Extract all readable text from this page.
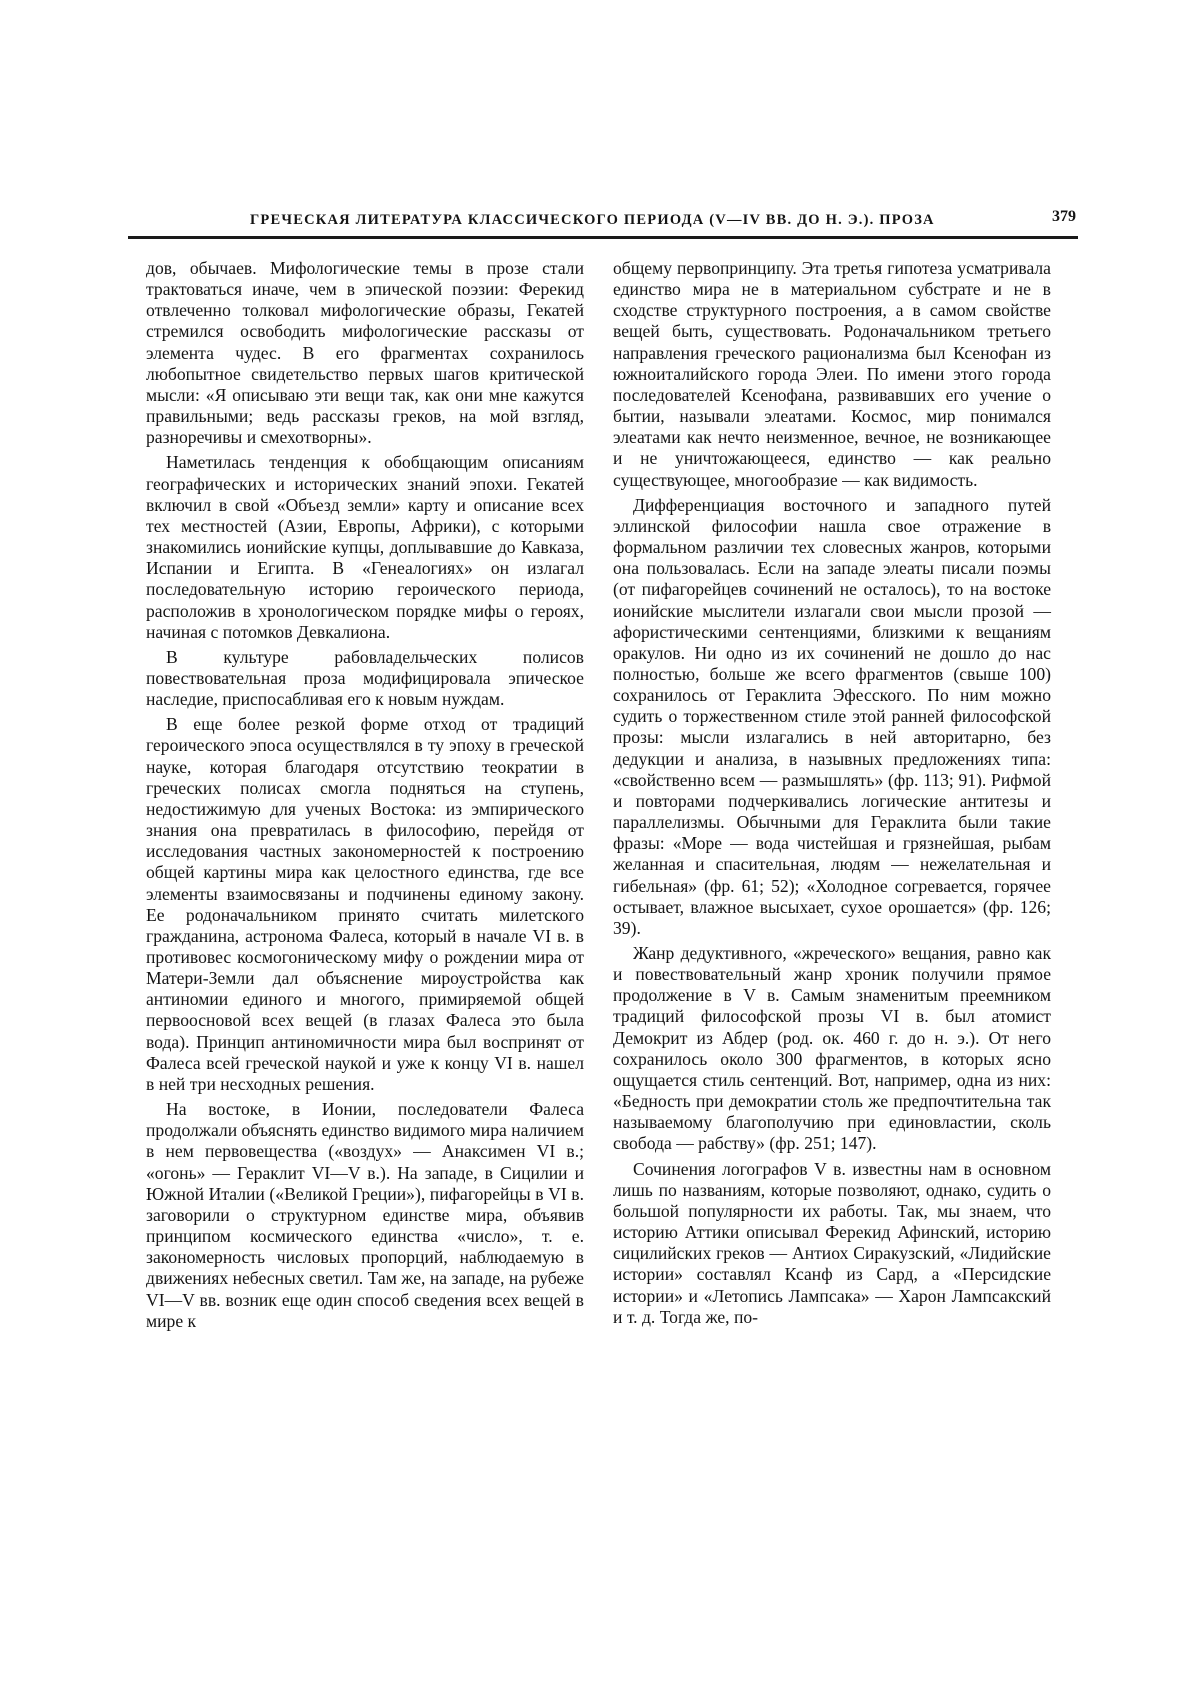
ГРЕЧЕСКАЯ ЛИТЕРАТУРА КЛАССИЧЕСКОГО ПЕРИОДА (V—IV ВВ. ДО Н. Э.). ПРОЗА	379

дов, обычаев. Мифологические темы в прозе стали трактоваться иначе, чем в эпической поэзии: Ферекид отвлеченно толковал мифологические образы, Гекатей стремился освободить мифологические рассказы от элемента чудес. В его фрагментах сохранилось любопытное свидетельство первых шагов критической мысли: «Я описываю эти вещи так, как они мне кажутся правильными; ведь рассказы греков, на мой взгляд, разноречивы и смехотворны».

Наметилась тенденция к обобщающим описаниям географических и исторических знаний эпохи. Гекатей включил в свой «Объезд земли» карту и описание всех тех местностей (Азии, Европы, Африки), с которыми знакомились ионийские купцы, доплывавшие до Кавказа, Испании и Египта. В «Генеалогиях» он излагал последовательную историю героического периода, расположив в хронологическом порядке мифы о героях, начиная с потомков Девкалиона.

В культуре рабовладельческих полисов повествовательная проза модифицировала эпическое наследие, приспосабливая его к новым нуждам.

В еще более резкой форме отход от традиций героического эпоса осуществлялся в ту эпоху в греческой науке, которая благодаря отсутствию теократии в греческих полисах смогла подняться на ступень, недостижимую для ученых Востока: из эмпирического знания она превратилась в философию, перейдя от исследования частных закономерностей к построению общей картины мира как целостного единства, где все элементы взаимосвязаны и подчинены единому закону. Ее родоначальником принято считать милетского гражданина, астронома Фалеса, который в начале VI в. в противовес космогоническому мифу о рождении мира от Матери-Земли дал объяснение мироустройства как антиномии единого и многого, примиряемой общей первоосновой всех вещей (в глазах Фалеса это была вода). Принцип антиномичности мира был воспринят от Фалеса всей греческой наукой и уже к концу VI в. нашел в ней три несходных решения.

На востоке, в Ионии, последователи Фалеса продолжали объяснять единство видимого мира наличием в нем первовещества («воздух» — Анаксимен VI в.; «огонь» — Гераклит VI—V в.). На западе, в Сицилии и Южной Италии («Великой Греции»), пифагорейцы в VI в. заговорили о структурном единстве мира, объявив принципом космического единства «число», т. е. закономерность числовых пропорций, наблюдаемую в движениях небесных светил. Там же, на западе, на рубеже VI—V вв. возник еще один способ сведения всех вещей в мире к

общему первопринципу. Эта третья гипотеза усматривала единство мира не в материальном субстрате и не в сходстве структурного построения, а в самом свойстве вещей быть, существовать. Родоначальником третьего направления греческого рационализма был Ксенофан из южноиталийского города Элеи. По имени этого города последователей Ксенофана, развивавших его учение о бытии, называли элеатами. Космос, мир понимался элеатами как нечто неизменное, вечное, не возникающее и не уничтожающееся, единство — как реально существующее, многообразие — как видимость.

Дифференциация восточного и западного путей эллинской философии нашла свое отражение в формальном различии тех словесных жанров, которыми она пользовалась. Если на западе элеаты писали поэмы (от пифагорейцев сочинений не осталось), то на востоке ионийские мыслители излагали свои мысли прозой — афористическими сентенциями, близкими к вещаниям оракулов. Ни одно из их сочинений не дошло до нас полностью, больше же всего фрагментов (свыше 100) сохранилось от Гераклита Эфесского. По ним можно судить о торжественном стиле этой ранней философской прозы: мысли излагались в ней авторитарно, без дедукции и анализа, в назывных предложениях типа: «свойственно всем — размышлять» (фр. 113; 91). Рифмой и повторами подчеркивались логические антитезы и параллелизмы. Обычными для Гераклита были такие фразы: «Море — вода чистейшая и грязнейшая, рыбам желанная и спасительная, людям — нежелательная и гибельная» (фр. 61; 52); «Холодное согревается, горячее остывает, влажное высыхает, сухое орошается» (фр. 126; 39).

Жанр дедуктивного, «жреческого» вещания, равно как и повествовательный жанр хроник получили прямое продолжение в V в. Самым знаменитым преемником традиций философской прозы VI в. был атомист Демокрит из Абдер (род. ок. 460 г. до н. э.). От него сохранилось около 300 фрагментов, в которых ясно ощущается стиль сентенций. Вот, например, одна из них: «Бедность при демократии столь же предпочтительна так называемому благополучию при единовластии, сколь свобода — рабству» (фр. 251; 147).

Сочинения логографов V в. известны нам в основном лишь по названиям, которые позволяют, однако, судить о большой популярности их работы. Так, мы знаем, что историю Аттики описывал Ферекид Афинский, историю сицилийских греков — Антиох Сиракузский, «Лидийские истории» составлял Ксанф из Сард, а «Персидские истории» и «Летопись Лампсака» — Харон Лампсакский и т. д. Тогда же, по-
